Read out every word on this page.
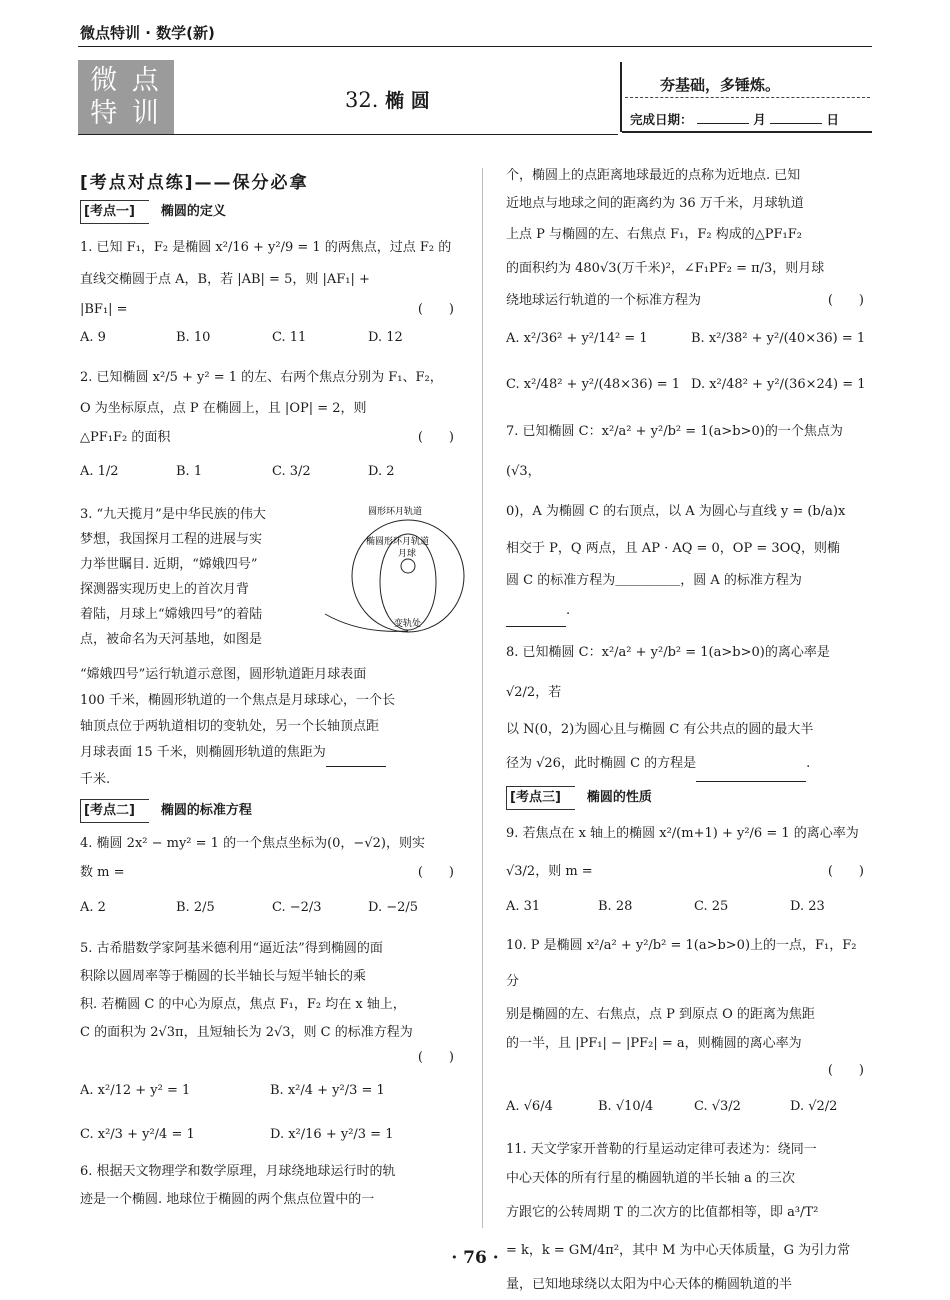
微点特训 · 数学(新)
微 点
特 训	32. 椭 圆
夯基础，多锤炼。
完成日期：	月	日
[考点对点练]——保分必拿
[考点一] 椭圆的定义

1. 已知 F₁，F₂ 是椭圆 x²/16 + y²/9 = 1 的两焦点，过点 F₂ 的

直线交椭圆于点 A，B，若 |AB| = 5，则 |AF₁| +

|BF₁| =	(　　)

A. 9	B. 10	C. 11	D. 12

2. 已知椭圆 x²/5 + y² = 1 的左、右两个焦点分别为 F₁、F₂，

O 为坐标原点，点 P 在椭圆上，且 |OP| = 2，则

△PF₁F₂ 的面积	(　　)

A. 1/2	B. 1	C. 3/2	D. 2

3. “九天揽月”是中华民族的伟大

梦想，我国探月工程的进展与实

力举世瞩目. 近期，“嫦娥四号”

探测器实现历史上的首次月背

着陆，月球上“嫦娥四号”的着陆

点，被命名为天河基地，如图是

圆形环月轨道
椭圆形环月轨道
月球
变轨处

“嫦娥四号”运行轨道示意图，圆形轨道距月球表面

100 千米，椭圆形轨道的一个焦点是月球球心，一个长

轴顶点位于两轨道相切的变轨处，另一个长轴顶点距

月球表面 15 千米，则椭圆形轨道的焦距为

千米.

[考点二] 椭圆的标准方程

4. 椭圆 2x² − my² = 1 的一个焦点坐标为(0，−√2)，则实

数 m =	(　　)

A. 2	B. 2/5	C. −2/3	D. −2/5

5. 古希腊数学家阿基米德利用“逼近法”得到椭圆的面

积除以圆周率等于椭圆的长半轴长与短半轴长的乘

积. 若椭圆 C 的中心为原点，焦点 F₁，F₂ 均在 x 轴上，

C 的面积为 2√3π，且短轴长为 2√3，则 C 的标准方程为

(　　)

A. x²/12 + y² = 1	B. x²/4 + y²/3 = 1
C. x²/3 + y²/4 = 1	D. x²/16 + y²/3 = 1

6. 根据天文物理学和数学原理，月球绕地球运行时的轨

迹是一个椭圆. 地球位于椭圆的两个焦点位置中的一

个，椭圆上的点距离地球最近的点称为近地点. 已知

近地点与地球之间的距离约为 36 万千米，月球轨道

上点 P 与椭圆的左、右焦点 F₁，F₂ 构成的△PF₁F₂

的面积约为 480√3(万千米)²，∠F₁PF₂ = π/3，则月球

绕地球运行轨道的一个标准方程为	(　　)

A. x²/36² + y²/14² = 1	B. x²/38² + y²/(40×36) = 1
C. x²/48² + y²/(48×36) = 1 D. x²/48² + y²/(36×24) = 1

7. 已知椭圆 C：x²/a² + y²/b² = 1(a>b>0)的一个焦点为(√3，

0)，A 为椭圆 C 的右顶点，以 A 为圆心与直线 y = (b/a)x

相交于 P，Q 两点，且 AP · AQ = 0，OP = 3OQ，则椭

圆 C 的标准方程为＿＿＿＿＿，圆 A 的标准方程为

.

8. 已知椭圆 C：x²/a² + y²/b² = 1(a>b>0)的离心率是 √2/2，若

以 N(0，2)为圆心且与椭圆 C 有公共点的圆的最大半

径为 √26，此时椭圆 C 的方程是	.

[考点三] 椭圆的性质

9. 若焦点在 x 轴上的椭圆 x²/(m+1) + y²/6 = 1 的离心率为

√3/2，则 m =	(　　)

A. 31	B. 28	C. 25	D. 23

10. P 是椭圆 x²/a² + y²/b² = 1(a>b>0)上的一点，F₁，F₂ 分

别是椭圆的左、右焦点，点 P 到原点 O 的距离为焦距

的一半，且 |PF₁| − |PF₂| = a，则椭圆的离心率为

(　　)

A. √6/4	B. √10/4	C. √3/2	D. √2/2

11. 天文学家开普勒的行星运动定律可表述为：绕同一

中心天体的所有行星的椭圆轨道的半长轴 a 的三次

方跟它的公转周期 T 的二次方的比值都相等，即 a³/T²

= k，k = GM/4π²，其中 M 为中心天体质量，G 为引力常

量，已知地球绕以太阳为中心天体的椭圆轨道的半

· 76 ·
